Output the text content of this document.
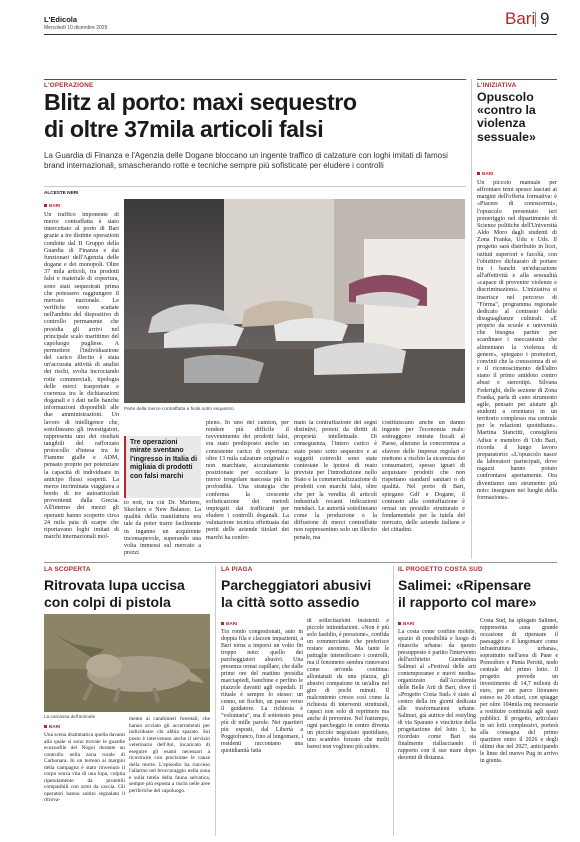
L'Edicola
Mercoledì 10 dicembre 2025	Bari 9
L'OPERAZIONE
Blitz al porto: maxi sequestro
di oltre 37mila articoli falsi
La Guardia di Finanza e l'Agenzia delle Dogane bloccano un ingente traffico di calzature con loghi imitati di famosi brand internazionali, smascherando rotte e tecniche sempre più sofisticate per eludere i controlli
ALCESTE NERI
BARI
Un traffico imponente di merce contraffatta è stato intercettato al porto di Bari grazie a tre distinte operazioni condotte dal II Gruppo della Guardia di Finanza e dai funzionari dell'Agenzia delle dogane e dei monopoli. Oltre 37 mila articoli, tra prodotti falsi e materiale di copertura, sono stati sequestrati prima che potessero raggiungere il mercato nazionale. Le verifiche sono scattate nell'ambito del dispositivo di controllo permanente che presidia gli arrivi nel principale scalo marittimo del capoluogo pugliese. A permettere l'individuazione del carico illecito è stata un'accurata attività di analisi dei rischi, svolta incrociando rotte commerciali, tipologia delle merci trasportate e coerenza tra le dichiarazioni doganali e i dati nelle banche informazioni disponibili alle due amministrazioni. Un lavoro di intelligence che, sottolineano gli investigatori, rappresenta uno dei risultati tangibili del rafforzato protocollo d'intesa tra le Fiamme gialle e ADM, pensato proprio per potenziare la capacità di individuare in anticipo flussi sospetti. La merce incriminata viaggiava a bordo di tre autoarticolati provenienti dalla Grecia. All'interno dei mezzi gli operanti hanno scoperto circa 24 mila paia di scarpe che riportavano loghi imitati di marchi internazionali mol-
Parte della merce contraffatta e finita sotto sequestro
Tre operazioni mirate sventano l'ingresso in Italia di migliaia di prodotti con falsi marchi
to noti, tra cui Dr. Martens, Skechers e New Balance. La qualità della manifattura era tale da poter trarre facilmente in inganno un acquirente inconsapevole, superando una volta immessi sul mercato a prezzi
pieno. In uno dei camion, per rendere più difficile il ravvenimento dei prodotti falsi, era stato predisposto anche un consistente carico di copertura: oltre 13 mila calzature originali o non marchiate, accuratamente posizionate per occultare la merce irregolare nascosta più in profondità. Una strategia che conferma la crescente sofisticazione dei metodi impiegati dai trafficanti per eludere i controlli doganali. La valutazione tecnica effettuata dai periti delle aziende titolari dei marchi ha confer-
mato la contraffazione dei segni distintivi, proteti da diritti di proprietà intellettuale. Di conseguenza, l'intero carico è stato posto sotto sequestro e ai soggetti coinvolti sono state contestate le ipotesi di reato previste per l'introduzione nello Stato e la commercializzazione di prodotti con marchi falsi, oltre che per la vendita di articoli industriali recanti indicazioni mendaci. Le autorità sottolineano come la produzione e la diffusione di merci contraffatte non rappresentino solo un illecito penale, ma
costituiscano anche un danno ingente per l'economia reale: sottraggono entrate fiscali al Paese, alterano la concorrenza a sfavore delle imprese regolari e mettono a rischio la sicurezza dei consumatori, spesso ignari di acquistare prodotti che non rispettano standard sanitari o di qualità. Nel porto di Bari, spiegano Gdf e Dogane, il contrasto alla contraffazione è ormai un presidio strutturato e fondamentale per la tutela del mercato, delle aziende italiane e dei cittadini.
L'INIZIATIVA
Opuscolo «contro la violenza sessuale»
BARI
Un piccolo manuale per affrontare temi spesso lasciati ai margini dell'offerta formativa: è «Piacere di conoscermi», l'opuscolo presentato ieri pomeriggio nel dipartimento di Scienze politiche dell'Università Aldo Moro dagli studenti di Zona Franka, Udu e Uds. Il progetto sarà distribuito in licei, istituti superiori e facoltà, con l'obiettivo dichiarato di portare tra i banchi un'educazione all'affettività e alla sessualità «capace di prevenire violenze e discriminazioni». L'iniziativa si inserisce nel percorso di "Fòrma", programma regionale dedicato al contrasto delle disuguaglianze culturali. «È proprio da scuole e università che bisogna partire per scardinare i meccanismi che alimentano la violenza di genere», spiegano i promotori, convinti che la conoscenza di sé e il riconoscimento dell'altro siano il primo antidoto contro abusi e stereotipi. Silvana Federighi, delle sezione di Zona Franka, parla di «uno strumento agile, pensato per aiutare gli studenti a orientarsi in un territorio complesso ma centrale per le relazioni quotidiane». Martina Stancitti, consigliera Adisu e membro di Udu Bari, ricorda il lungo lavoro preparatorio: «L'opuscolo nasce da laboratori partecipati, dove ragazzi hanno potuto confrontarsi apertamente. Ora diventiamo uno strumento più noto: insegnare nei luoghi della formazione».
LA SCOPERTA
Ritrovata lupa uccisa con colpi di pistola
La carcassa dell'animale
BARI
Una scena drammatica quella davanti alla quale si sono trovate le guardie ecozoofile del Nogoi durante un controllo nella zona rurale di Carbonara. In un terreno ai margini della campagna è stato rinvenuto il corpo senza vita di una lupa, colpita ripetutamente da proiettili compatibili con armi da caccia. Gli operatori hanno subito segnalato il ritrova-
mento ai carabinieri forestali, che hanno avviato gli accertamenti per individuare chi abbia sparato. Sul posto è intervenuto anche il servizio veterinario dell'Asl, incaricato di eseguire gli esami necessari a ricostruire con precisione le cause della morte. L'episodio ha riacceso l'allarme nel broccoraggio nella zona e sulla tutela della fauna selvatica, sempre più esposta a rischi nelle aree periferiche del capoluogo.
LA PIAGA
Parcheggiatori abusivi
la città sotto assedio
BARI
Tra rondo congestionati, auto in doppia fila e clacson impazienti, a Bari torna a imporsi un volto fin troppo noto: quello dei parcheggiatori abusivi. Una presenza ormai capillare, che dalle prime ore del mattino presidia marciapiedi, banchine e perfino le piazzole davanti agli ospedali. Il rituale è sempre lo stesso: un cenno, un fischio, un passo verso il guidatore. La richiesta è "volontaria", ma il sottotesto pesa più di mille parole. Nei quartieri più esposti, dal Libertà a Poggiofranco, fino al lungomare, i residenti raccontano una quotidianità fatta
di sollecitazioni insistenti e piccole intimidazioni. «Non è più solo fastidio, è pressione», confida un commerciante che preferisce restare anonimo. Ma tante le pattuglie intensificano i controlli, ma il fenomeno sembra rinnovarsi come un'onda continua: allontanati da una piazza, gli abusivi compaiono in un'altra nel giro di pochi minuti. Il malcontento cresce così come la richiesta di interventi strutturali, capaci non solo di reprimere ma anche di prevenire. Nel frattempo, ogni parcheggio in centro diventa un piccolo negoziato quotidiano, uno scambio forzato che molti baresi non vogliono più subire.
IL PROGETTO COSTA SUD
Salimei: «Ripensare
il rapporto col mare»
BARI
La costa come confine mobile, spazio di possibilità e luogo di rinascita urbana: da questo presupposto è partito l'intervento dell'architetto Guendalina Salimei al «Festival delle arti contemporanee e nuovi media» organizzato dall'Accademia delle Belle Arti di Bari, dove il «Progetto Costa Sud» è stato al centro della tre giorni dedicata alle trasformazioni urbane. Salimei, già autrice del restyling di via Sparano e vincitrice della progettazione del lotto 1, ha ricordato come Bari sia finalmente riallacciando il rapporto con il suo mare dopo decenni di distanza.
Costa Sud, ha spiegato Salimei, rappresenta «una grande occasione di ripensare il paesaggio e il lungomare come infrastruttura urbana», soprattutto nell'area di Pane e Pomodoro e Punta Perotti, nodo centrale del primo lotto. Il progetto prevede un investimento di 14,7 milioni di euro, per un parco litoraneo esteso su 20 ettari, con spiagge per oltre 104mila mq necessarie a restituire continuità agli spazi pubblici. Il progetto, articolato in sei lotti complessivi, porterà alla consegna del primo quartiere entro il 2026 e degli ultimi due nel 2027, anticipando le linee del nuovo Pug in arrivo in giunta.
